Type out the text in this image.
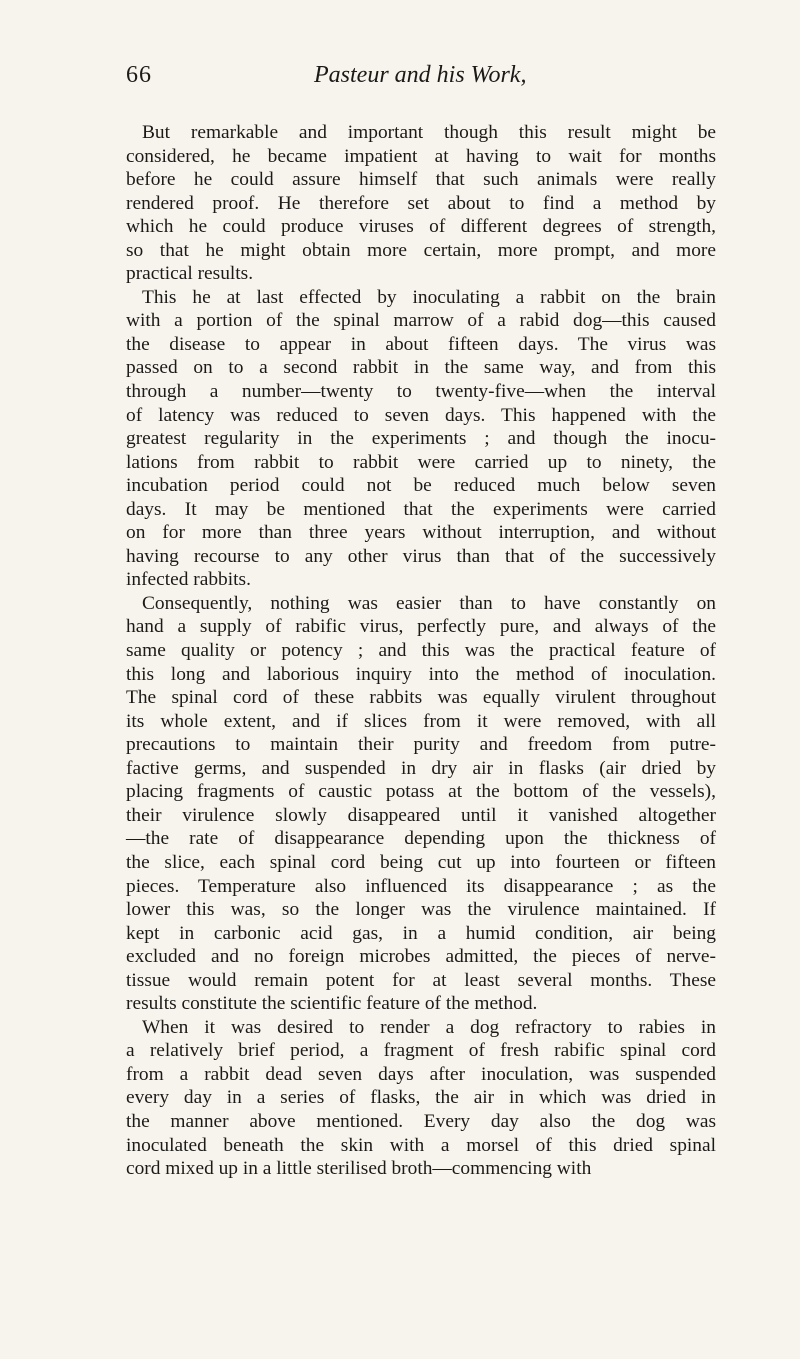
66	Pasteur and his Work,
But remarkable and important though this result might be
considered, he became impatient at having to wait for months
before he could assure himself that such animals were really
rendered proof. He therefore set about to find a method by
which he could produce viruses of different degrees of strength,
so that he might obtain more certain, more prompt, and more
practical results.
This he at last effected by inoculating a rabbit on the brain
with a portion of the spinal marrow of a rabid dog—this caused
the disease to appear in about fifteen days. The virus was
passed on to a second rabbit in the same way, and from this
through a number—twenty to twenty-five—when the interval
of latency was reduced to seven days. This happened with the
greatest regularity in the experiments ; and though the inocu-
lations from rabbit to rabbit were carried up to ninety, the
incubation period could not be reduced much below seven
days. It may be mentioned that the experiments were carried
on for more than three years without interruption, and without
having recourse to any other virus than that of the successively
infected rabbits.
Consequently, nothing was easier than to have constantly on
hand a supply of rabific virus, perfectly pure, and always of the
same quality or potency ; and this was the practical feature of
this long and laborious inquiry into the method of inoculation.
The spinal cord of these rabbits was equally virulent throughout
its whole extent, and if slices from it were removed, with all
precautions to maintain their purity and freedom from putre-
factive germs, and suspended in dry air in flasks (air dried by
placing fragments of caustic potass at the bottom of the vessels),
their virulence slowly disappeared until it vanished altogether
—the rate of disappearance depending upon the thickness of
the slice, each spinal cord being cut up into fourteen or fifteen
pieces. Temperature also influenced its disappearance ; as the
lower this was, so the longer was the virulence maintained. If
kept in carbonic acid gas, in a humid condition, air being
excluded and no foreign microbes admitted, the pieces of nerve-
tissue would remain potent for at least several months. These
results constitute the scientific feature of the method.
When it was desired to render a dog refractory to rabies in
a relatively brief period, a fragment of fresh rabific spinal cord
from a rabbit dead seven days after inoculation, was suspended
every day in a series of flasks, the air in which was dried in
the manner above mentioned. Every day also the dog was
inoculated beneath the skin with a morsel of this dried spinal
cord mixed up in a little sterilised broth—commencing with
